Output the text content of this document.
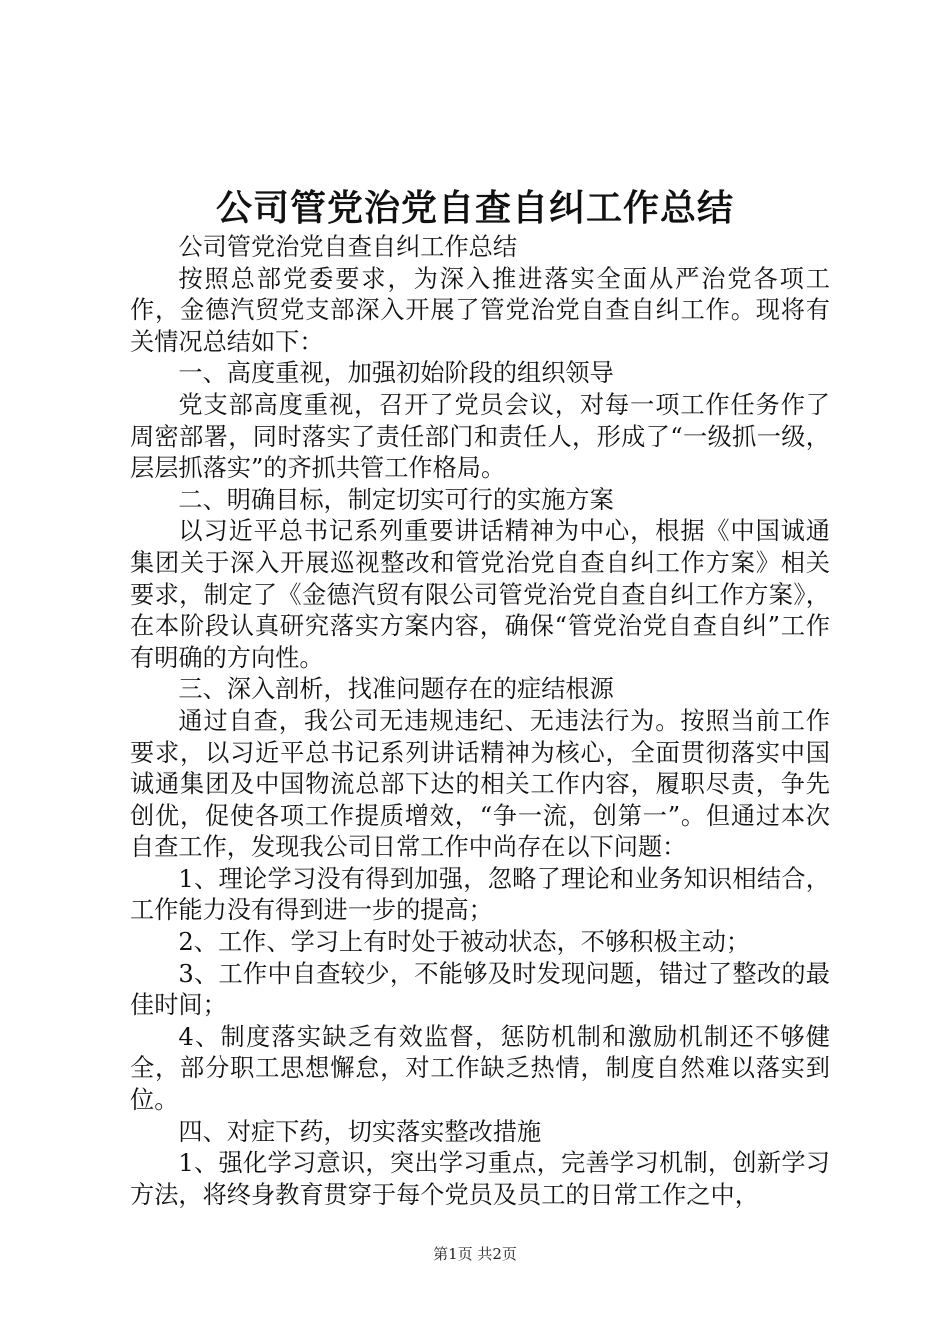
公司管党治党自查自纠工作总结

公司管党治党自查自纠工作总结

按照总部党委要求，为深入推进落实全面从严治党各项工作，金德汽贸党支部深入开展了管党治党自查自纠工作。现将有关情况总结如下：

一、高度重视，加强初始阶段的组织领导

党支部高度重视，召开了党员会议，对每一项工作任务作了周密部署，同时落实了责任部门和责任人，形成了“一级抓一级，层层抓落实”的齐抓共管工作格局。

二、明确目标，制定切实可行的实施方案

以习近平总书记系列重要讲话精神为中心，根据《中国诚通集团关于深入开展巡视整改和管党治党自查自纠工作方案》相关要求，制定了《金德汽贸有限公司管党治党自查自纠工作方案》，在本阶段认真研究落实方案内容，确保“管党治党自查自纠”工作有明确的方向性。

三、深入剖析，找准问题存在的症结根源

通过自查，我公司无违规违纪、无违法行为。按照当前工作要求，以习近平总书记系列讲话精神为核心，全面贯彻落实中国诚通集团及中国物流总部下达的相关工作内容，履职尽责，争先创优，促使各项工作提质增效，“争一流，创第一”。但通过本次自查工作，发现我公司日常工作中尚存在以下问题：

1、理论学习没有得到加强，忽略了理论和业务知识相结合，工作能力没有得到进一步的提高；

2、工作、学习上有时处于被动状态，不够积极主动；

3、工作中自查较少，不能够及时发现问题，错过了整改的最佳时间；

4、制度落实缺乏有效监督，惩防机制和激励机制还不够健全，部分职工思想懈怠，对工作缺乏热情，制度自然难以落实到位。

四、对症下药，切实落实整改措施

1、强化学习意识，突出学习重点，完善学习机制，创新学习方法，将终身教育贯穿于每个党员及员工的日常工作之中，

第1页 共2页
